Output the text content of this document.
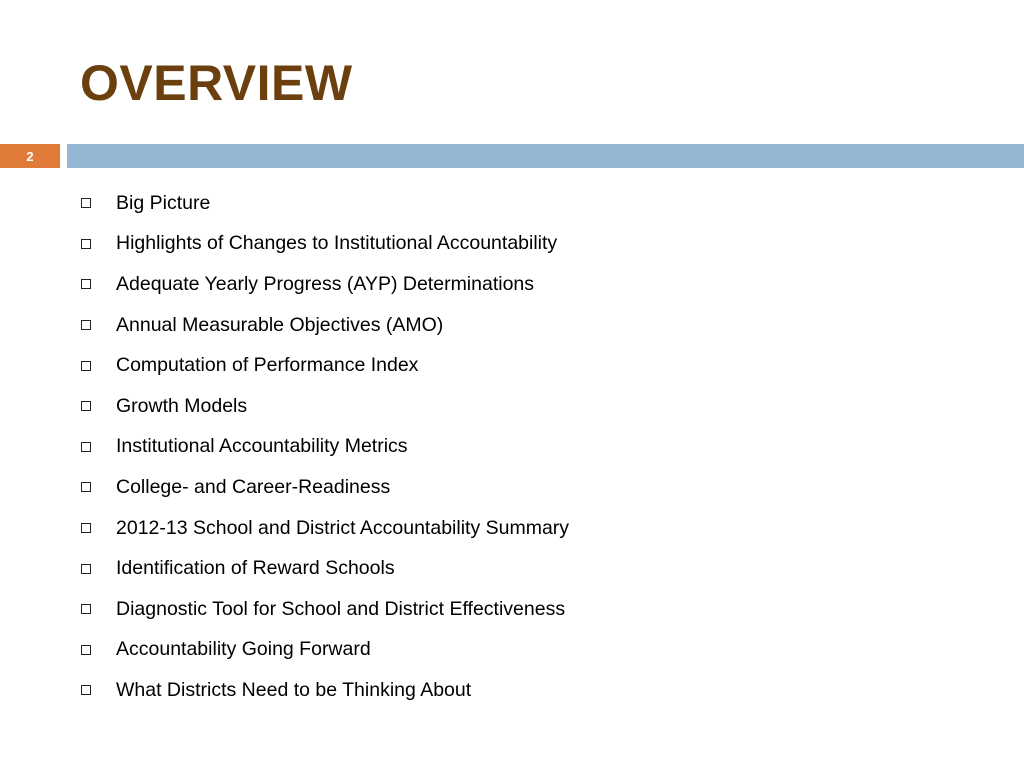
OVERVIEW
2
Big Picture
Highlights of Changes to Institutional Accountability
Adequate Yearly Progress (AYP) Determinations
Annual Measurable Objectives (AMO)
Computation of Performance Index
Growth Models
Institutional Accountability Metrics
College- and Career-Readiness
2012-13 School and District Accountability Summary
Identification of Reward Schools
Diagnostic Tool for School and District Effectiveness
Accountability Going Forward
What Districts Need to be Thinking About
